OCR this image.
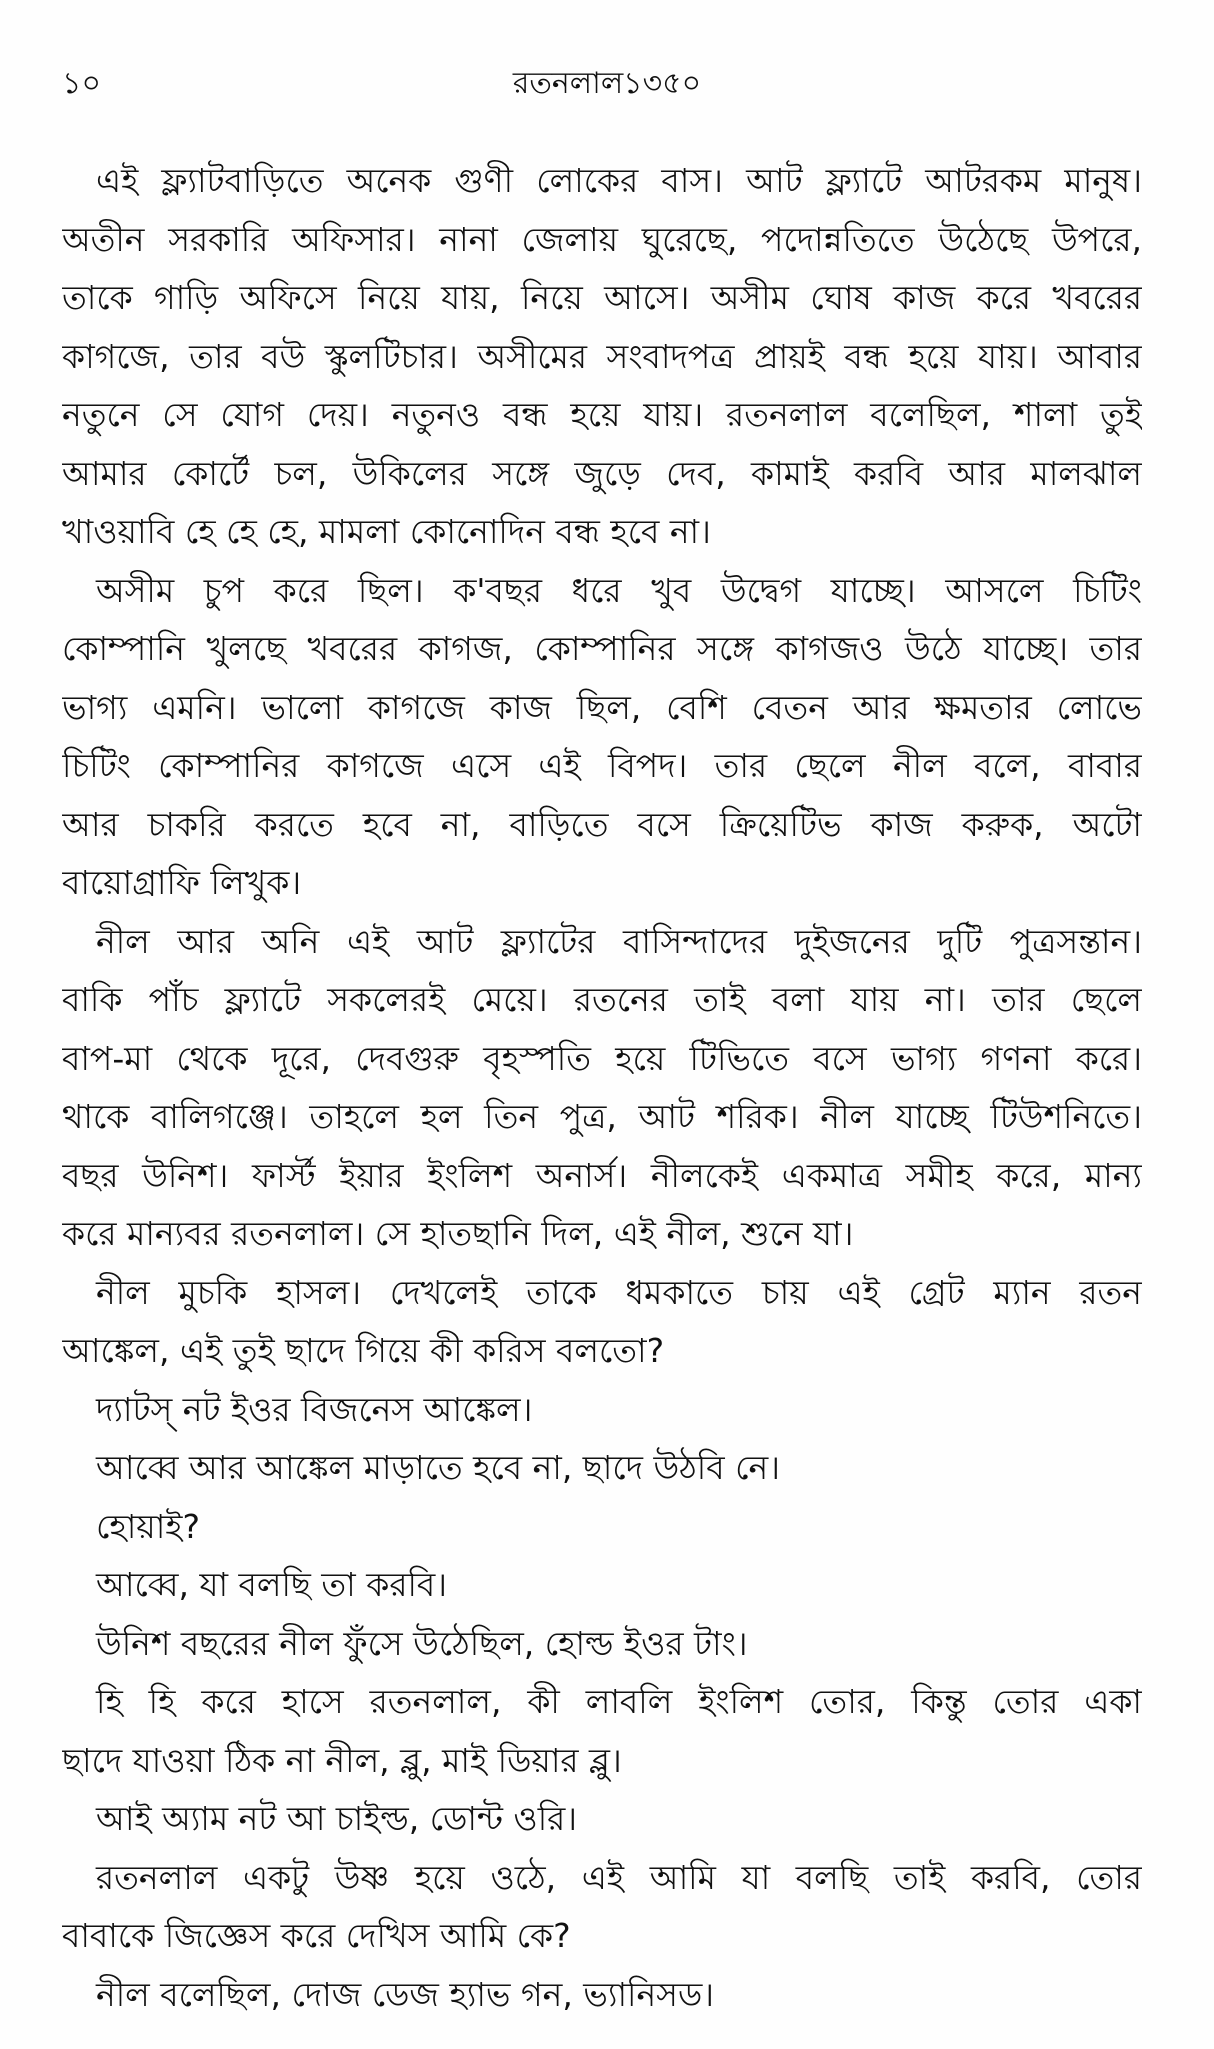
১০	রতনলাল১৩৫০
এই ফ্ল্যাটবাড়িতে অনেক গুণী লোকের বাস। আট ফ্ল্যাটে আটরকম মানুষ।
অতীন সরকারি অফিসার। নানা জেলায় ঘুরেছে, পদোন্নতিতে উঠেছে উপরে,
তাকে গাড়ি অফিসে নিয়ে যায়, নিয়ে আসে। অসীম ঘোষ কাজ করে খবরের
কাগজে, তার বউ স্কুলটিচার। অসীমের সংবাদপত্র প্রায়ই বন্ধ হয়ে যায়। আবার
নতুনে সে যোগ দেয়। নতুনও বন্ধ হয়ে যায়। রতনলাল বলেছিল, শালা তুই
আমার কোর্টে চল, উকিলের সঙ্গে জুড়ে দেব, কামাই করবি আর মালঝাল
খাওয়াবি হে হে হে, মামলা কোনোদিন বন্ধ হবে না।
অসীম চুপ করে ছিল। ক'বছর ধরে খুব উদ্বেগ যাচ্ছে। আসলে চিটিং
কোম্পানি খুলছে খবরের কাগজ, কোম্পানির সঙ্গে কাগজও উঠে যাচ্ছে। তার
ভাগ্য এমনি। ভালো কাগজে কাজ ছিল, বেশি বেতন আর ক্ষমতার লোভে
চিটিং কোম্পানির কাগজে এসে এই বিপদ। তার ছেলে নীল বলে, বাবার
আর চাকরি করতে হবে না, বাড়িতে বসে ক্রিয়েটিভ কাজ করুক, অটো
বায়োগ্রাফি লিখুক।
নীল আর অনি এই আট ফ্ল্যাটের বাসিন্দাদের দুইজনের দুটি পুত্রসন্তান।
বাকি পাঁচ ফ্ল্যাটে সকলেরই মেয়ে। রতনের তাই বলা যায় না। তার ছেলে
বাপ-মা থেকে দূরে, দেবগুরু বৃহস্পতি হয়ে টিভিতে বসে ভাগ্য গণনা করে।
থাকে বালিগঞ্জে। তাহলে হল তিন পুত্র, আট শরিক। নীল যাচ্ছে টিউশনিতে।
বছর উনিশ। ফার্স্ট ইয়ার ইংলিশ অনার্স। নীলকেই একমাত্র সমীহ করে, মান্য
করে মান্যবর রতনলাল। সে হাতছানি দিল, এই নীল, শুনে যা।
নীল মুচকি হাসল। দেখলেই তাকে ধমকাতে চায় এই গ্রেট ম্যান রতন
আঙ্কেল, এই তুই ছাদে গিয়ে কী করিস বলতো?
দ্যাটস্ নট ইওর বিজনেস আঙ্কেল।
আব্বে আর আঙ্কেল মাড়াতে হবে না, ছাদে উঠবি নে।
হোয়াই?
আব্বে, যা বলছি তা করবি।
উনিশ বছরের নীল ফুঁসে উঠেছিল, হোল্ড ইওর টাং।
হি হি করে হাসে রতনলাল, কী লাবলি ইংলিশ তোর, কিন্তু তোর একা
ছাদে যাওয়া ঠিক না নীল, ব্লু, মাই ডিয়ার ব্লু।
আই অ্যাম নট আ চাইল্ড, ডোন্ট ওরি।
রতনলাল একটু উষ্ণ হয়ে ওঠে, এই আমি যা বলছি তাই করবি, তোর
বাবাকে জিজ্ঞেস করে দেখিস আমি কে?
নীল বলেছিল, দোজ ডেজ হ্যাভ গন, ভ্যানিসড।
